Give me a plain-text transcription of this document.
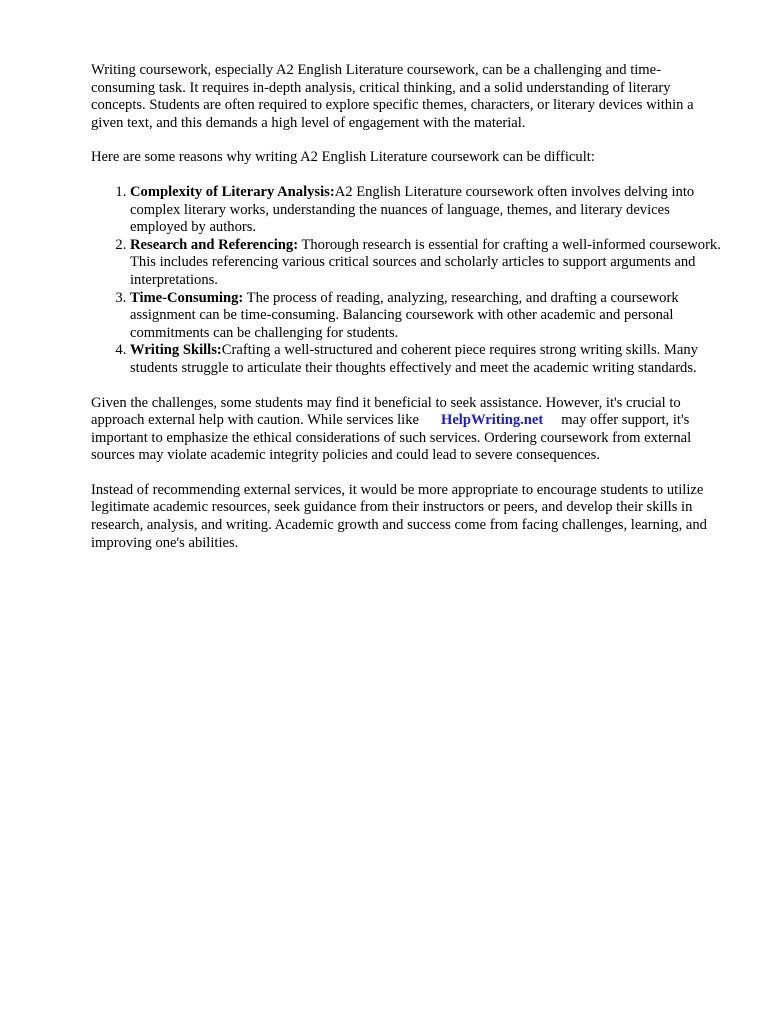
Writing coursework, especially A2 English Literature coursework, can be a challenging and time-consuming task. It requires in-depth analysis, critical thinking, and a solid understanding of literary concepts. Students are often required to explore specific themes, characters, or literary devices within a given text, and this demands a high level of engagement with the material.

Here are some reasons why writing A2 English Literature coursework can be difficult:

1. Complexity of Literary Analysis:A2 English Literature coursework often involves delving into complex literary works, understanding the nuances of language, themes, and literary devices employed by authors.
2. Research and Referencing: Thorough research is essential for crafting a well-informed coursework. This includes referencing various critical sources and scholarly articles to support arguments and interpretations.
3. Time-Consuming: The process of reading, analyzing, researching, and drafting a coursework assignment can be time-consuming. Balancing coursework with other academic and personal commitments can be challenging for students.
4. Writing Skills:Crafting a well-structured and coherent piece requires strong writing skills. Many students struggle to articulate their thoughts effectively and meet the academic writing standards.

Given the challenges, some students may find it beneficial to seek assistance. However, it's crucial to approach external help with caution. While services like HelpWriting.net may offer support, it's important to emphasize the ethical considerations of such services. Ordering coursework from external sources may violate academic integrity policies and could lead to severe consequences.

Instead of recommending external services, it would be more appropriate to encourage students to utilize legitimate academic resources, seek guidance from their instructors or peers, and develop their skills in research, analysis, and writing. Academic growth and success come from facing challenges, learning, and improving one's abilities.
